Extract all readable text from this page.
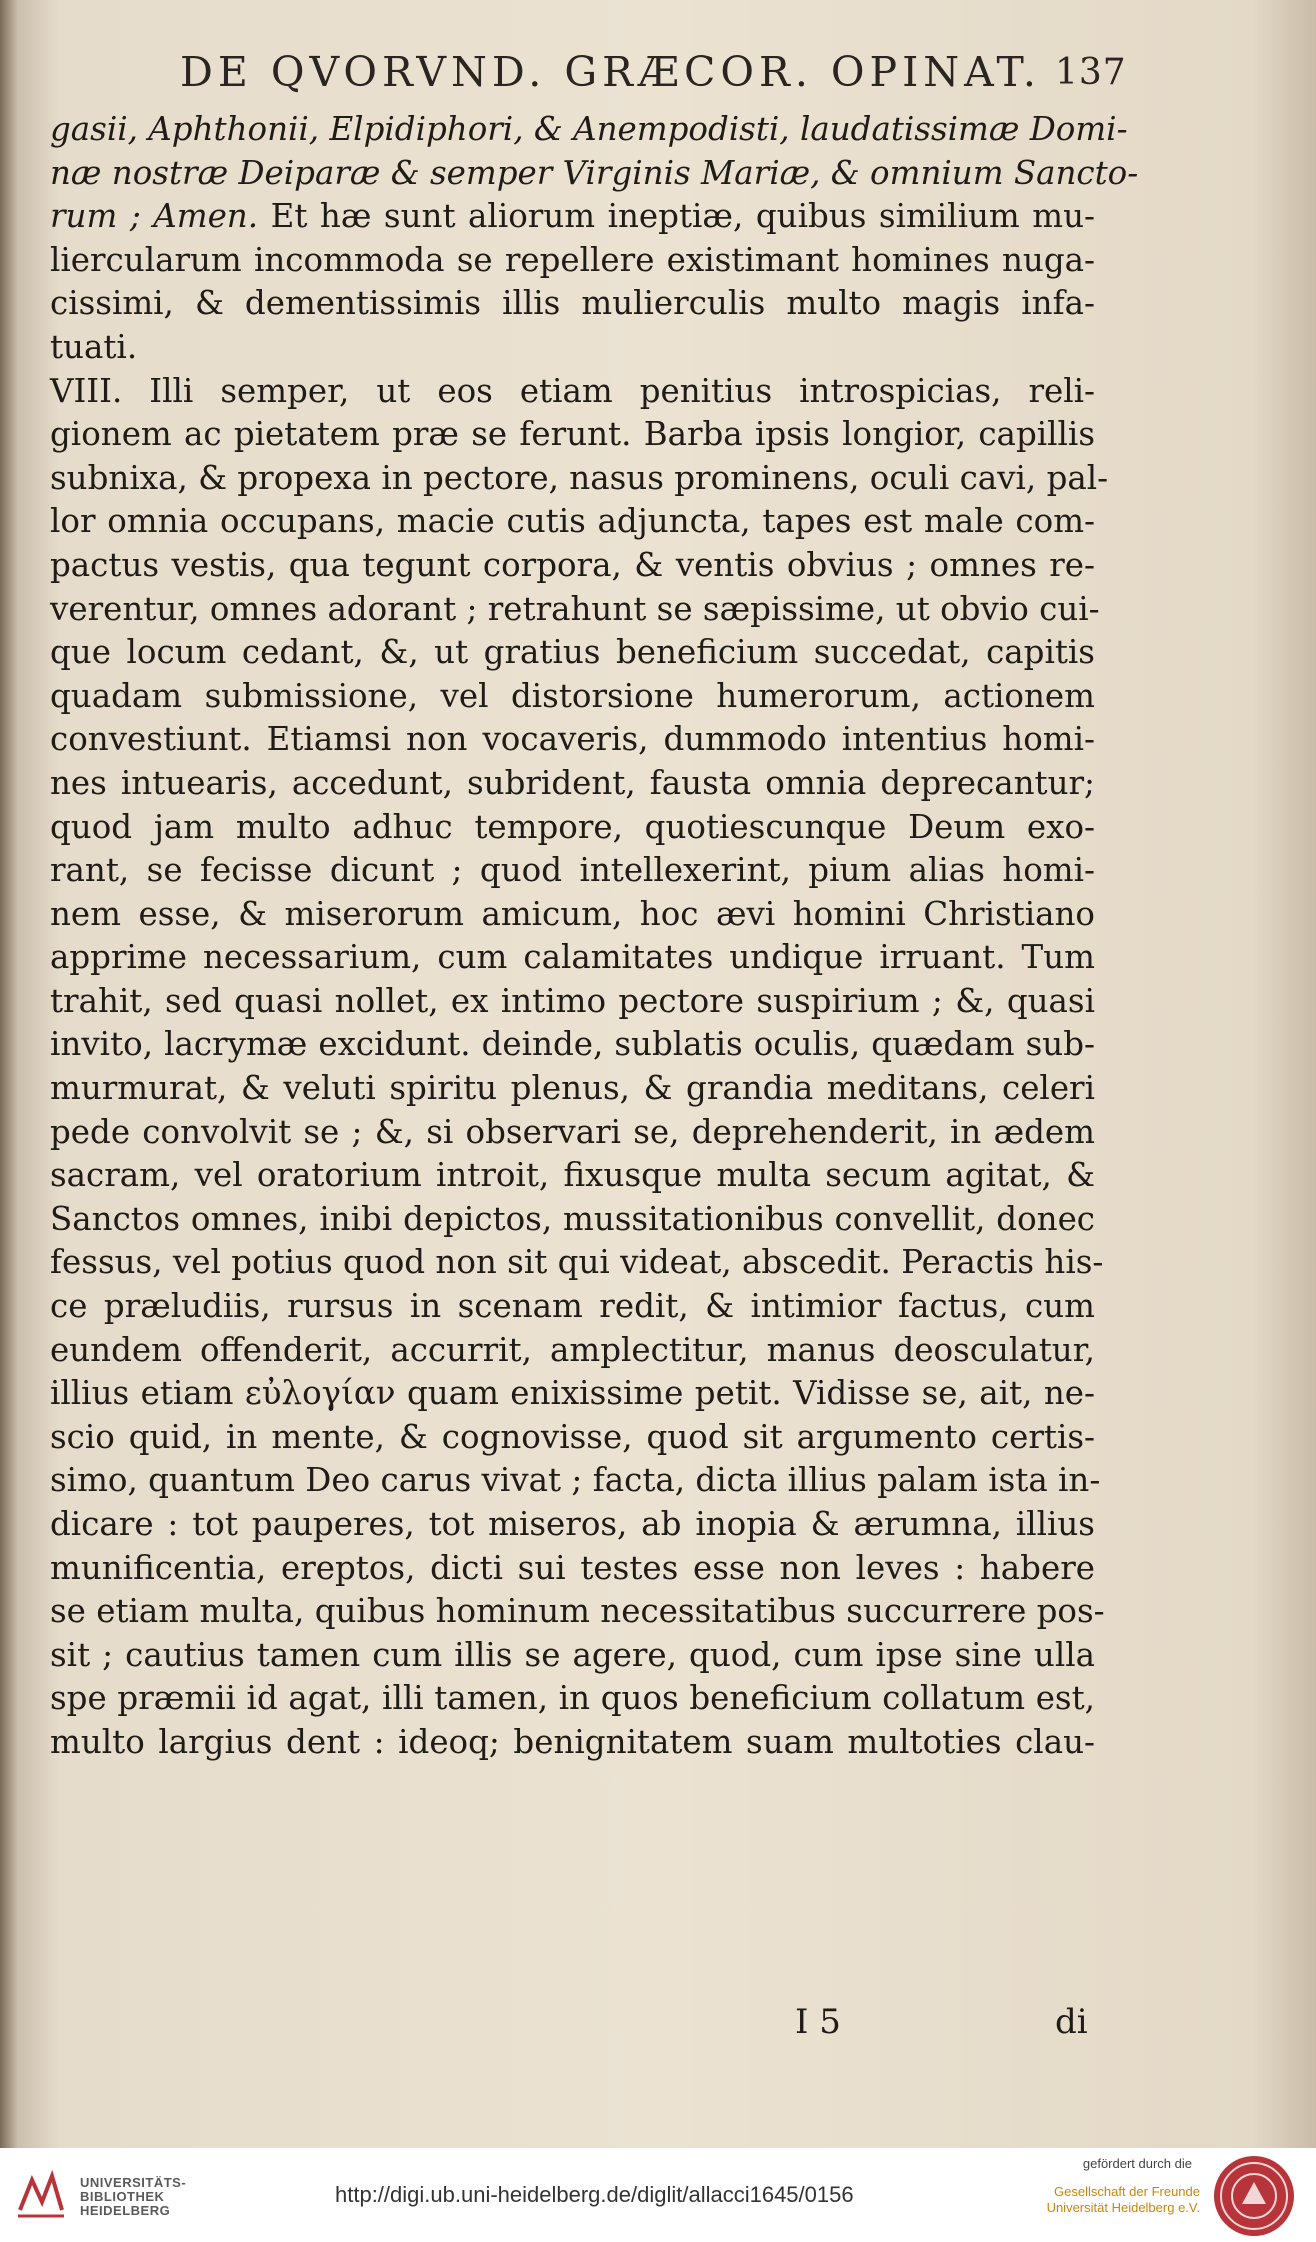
DE QVORVND. GRÆCOR. OPINAT. 137
gasii, Aphthonii, Elpidiphori, & Anempodisti, laudatissimæ Domi-
næ nostræ Deiparæ & semper Virginis Mariæ, & omnium Sancto-
rum ; Amen. Et hæ sunt aliorum ineptiæ, quibus similium mu-
liercularum incommoda se repellere existimant homines nuga-
cissimi, & dementissimis illis mulierculis multo magis infa-
tuati.
VIII. Illi semper, ut eos etiam penitius introspicias, reli-
gionem ac pietatem præ se ferunt. Barba ipsis longior, capillis
subnixa, & propexa in pectore, nasus prominens, oculi cavi, pal-
lor omnia occupans, macie cutis adjuncta, tapes est male com-
pactus vestis, qua tegunt corpora, & ventis obvius ; omnes re-
verentur, omnes adorant ; retrahunt se sæpissime, ut obvio cui-
que locum cedant, &, ut gratius beneficium succedat, capitis
quadam submissione, vel distorsione humerorum, actionem
convestiunt. Etiamsi non vocaveris, dummodo intentius homi-
nes intuearis, accedunt, subrident, fausta omnia deprecantur;
quod jam multo adhuc tempore, quotiescunque Deum exo-
rant, se fecisse dicunt ; quod intellexerint, pium alias homi-
nem esse, & miserorum amicum, hoc ævi homini Christiano
apprime necessarium, cum calamitates undique irruant. Tum
trahit, sed quasi nollet, ex intimo pectore suspirium ; &, quasi
invito, lacrymæ excidunt. deinde, sublatis oculis, quædam sub-
murmurat, & veluti spiritu plenus, & grandia meditans, celeri
pede convolvit se ; &, si observari se, deprehenderit, in ædem
sacram, vel oratorium introit, fixusque multa secum agitat, &
Sanctos omnes, inibi depictos, mussitationibus convellit, donec
fessus, vel potius quod non sit qui videat, abscedit. Peractis his-
ce præludiis, rursus in scenam redit, & intimior factus, cum
eundem offenderit, accurrit, amplectitur, manus deosculatur,
illius etiam εὐλογίαν quam enixissime petit. Vidisse se, ait, ne-
scio quid, in mente, & cognovisse, quod sit argumento certis-
simo, quantum Deo carus vivat ; facta, dicta illius palam ista in-
dicare : tot pauperes, tot miseros, ab inopia & ærumna, illius
munificentia, ereptos, dicti sui testes esse non leves : habere
se etiam multa, quibus hominum necessitatibus succurrere pos-
sit ; cautius tamen cum illis se agere, quod, cum ipse sine ulla
spe præmii id agat, illi tamen, in quos beneficium collatum est,
multo largius dent : ideoq; benignitatem suam multoties clau-
I 5	di
UNIVERSITÄTS-
BIBLIOTHEK
HEIDELBERG
http://digi.ub.uni-heidelberg.de/diglit/allacci1645/0156
gefördert durch die
Gesellschaft der Freunde
Universität Heidelberg e.V.
